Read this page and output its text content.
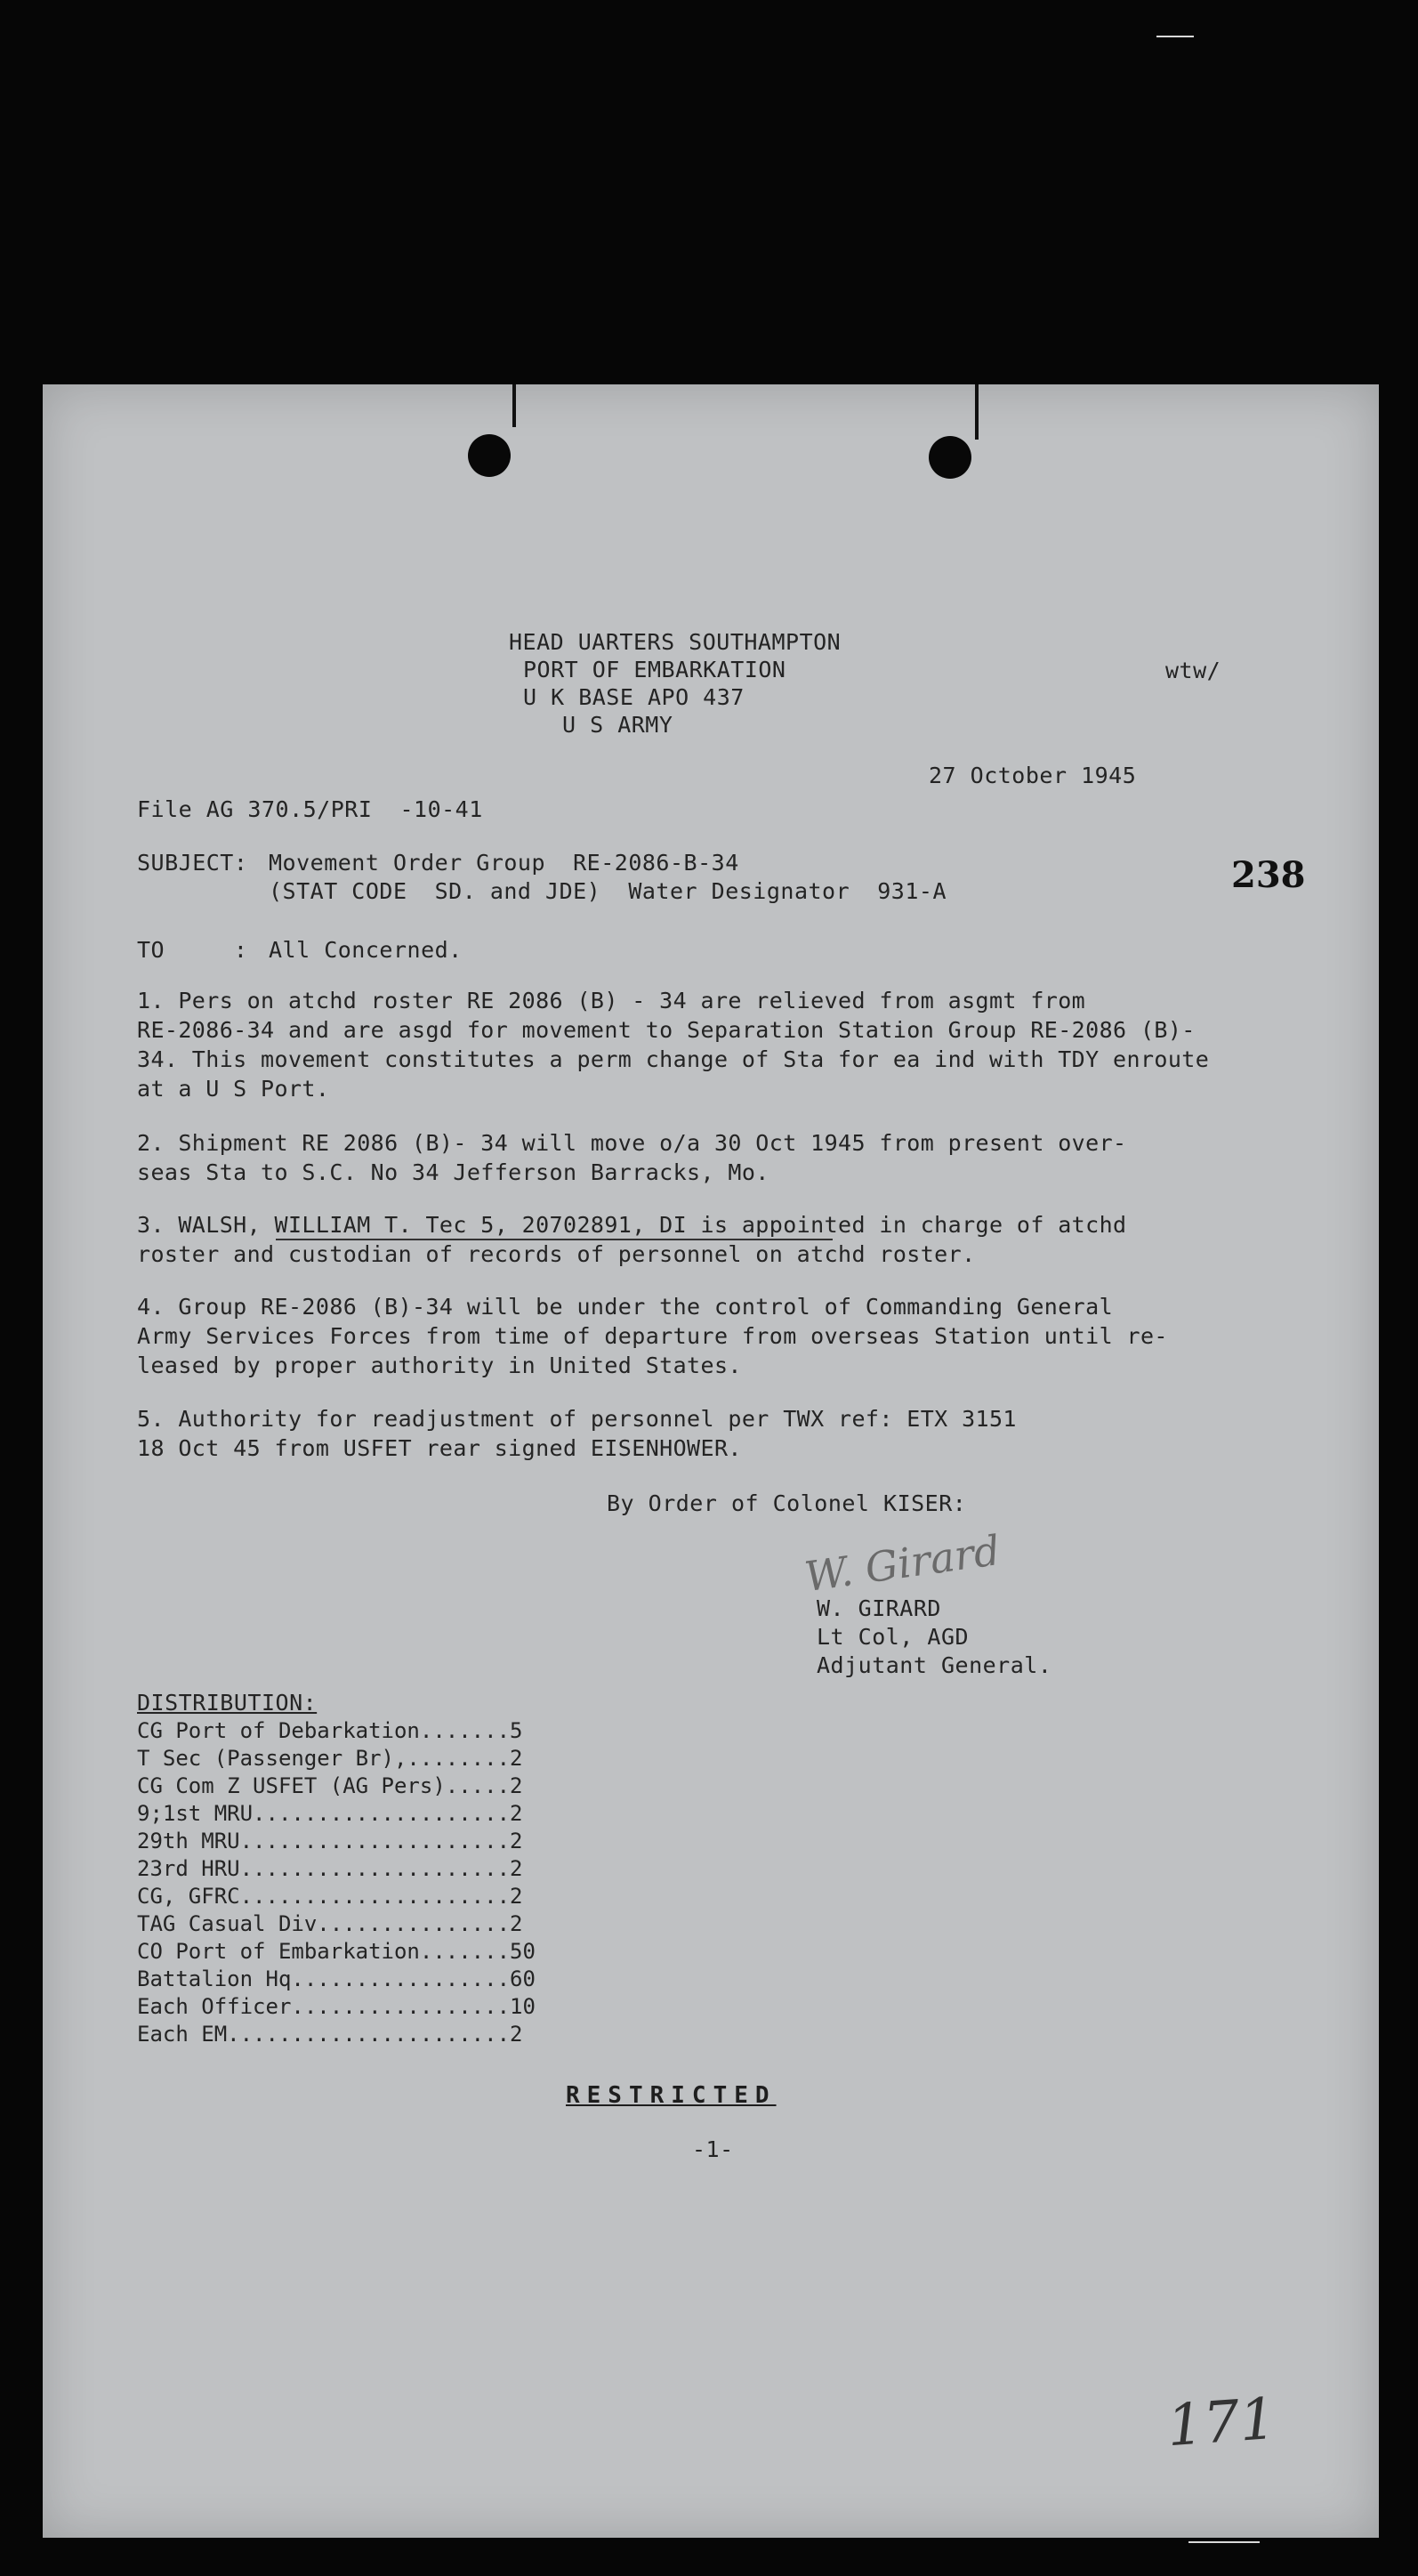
HEAD UARTERS SOUTHAMPTON
PORT OF EMBARKATION
U K BASE APO 437
U S ARMY
wtw/
27 October 1945
File AG 370.5/PRI  -10-41
238
SUBJECT: Movement Order Group  RE-2086-B-34
(STAT CODE  SD. and JDE)  Water Designator  931-A
TO     : All Concerned.
1. Pers on atchd roster RE 2086 (B) - 34 are relieved from asgmt from
RE-2086-34 and are asgd for movement to Separation Station Group RE-2086 (B)-
34. This movement constitutes a perm change of Sta for ea ind with TDY enroute
at a U S Port.
2. Shipment RE 2086 (B)- 34 will move o/a 30 Oct 1945 from present over-
seas Sta to S.C. No 34 Jefferson Barracks, Mo.
3. WALSH, WILLIAM T. Tec 5, 20702891, DI is appointed in charge of atchd
roster and custodian of records of personnel on atchd roster.
4. Group RE-2086 (B)-34 will be under the control of Commanding General
Army Services Forces from time of departure from overseas Station until re-
leased by proper authority in United States.
5. Authority for readjustment of personnel per TWX ref: ETX 3151
18 Oct 45 from USFET rear signed EISENHOWER.
By Order of Colonel KISER:
W. Girard
W. GIRARD
Lt Col, AGD
Adjutant General.
DISTRIBUTION:
CG Port of Debarkation.......5
T Sec (Passenger Br),........2
CG Com Z USFET (AG Pers).....2
9;1st MRU....................2
29th MRU.....................2
23rd HRU.....................2
CG, GFRC.....................2
TAG Casual Div...............2
CO Port of Embarkation.......50
Battalion Hq.................60
Each Officer.................10
Each EM......................2
RESTRICTED
-1-
171
